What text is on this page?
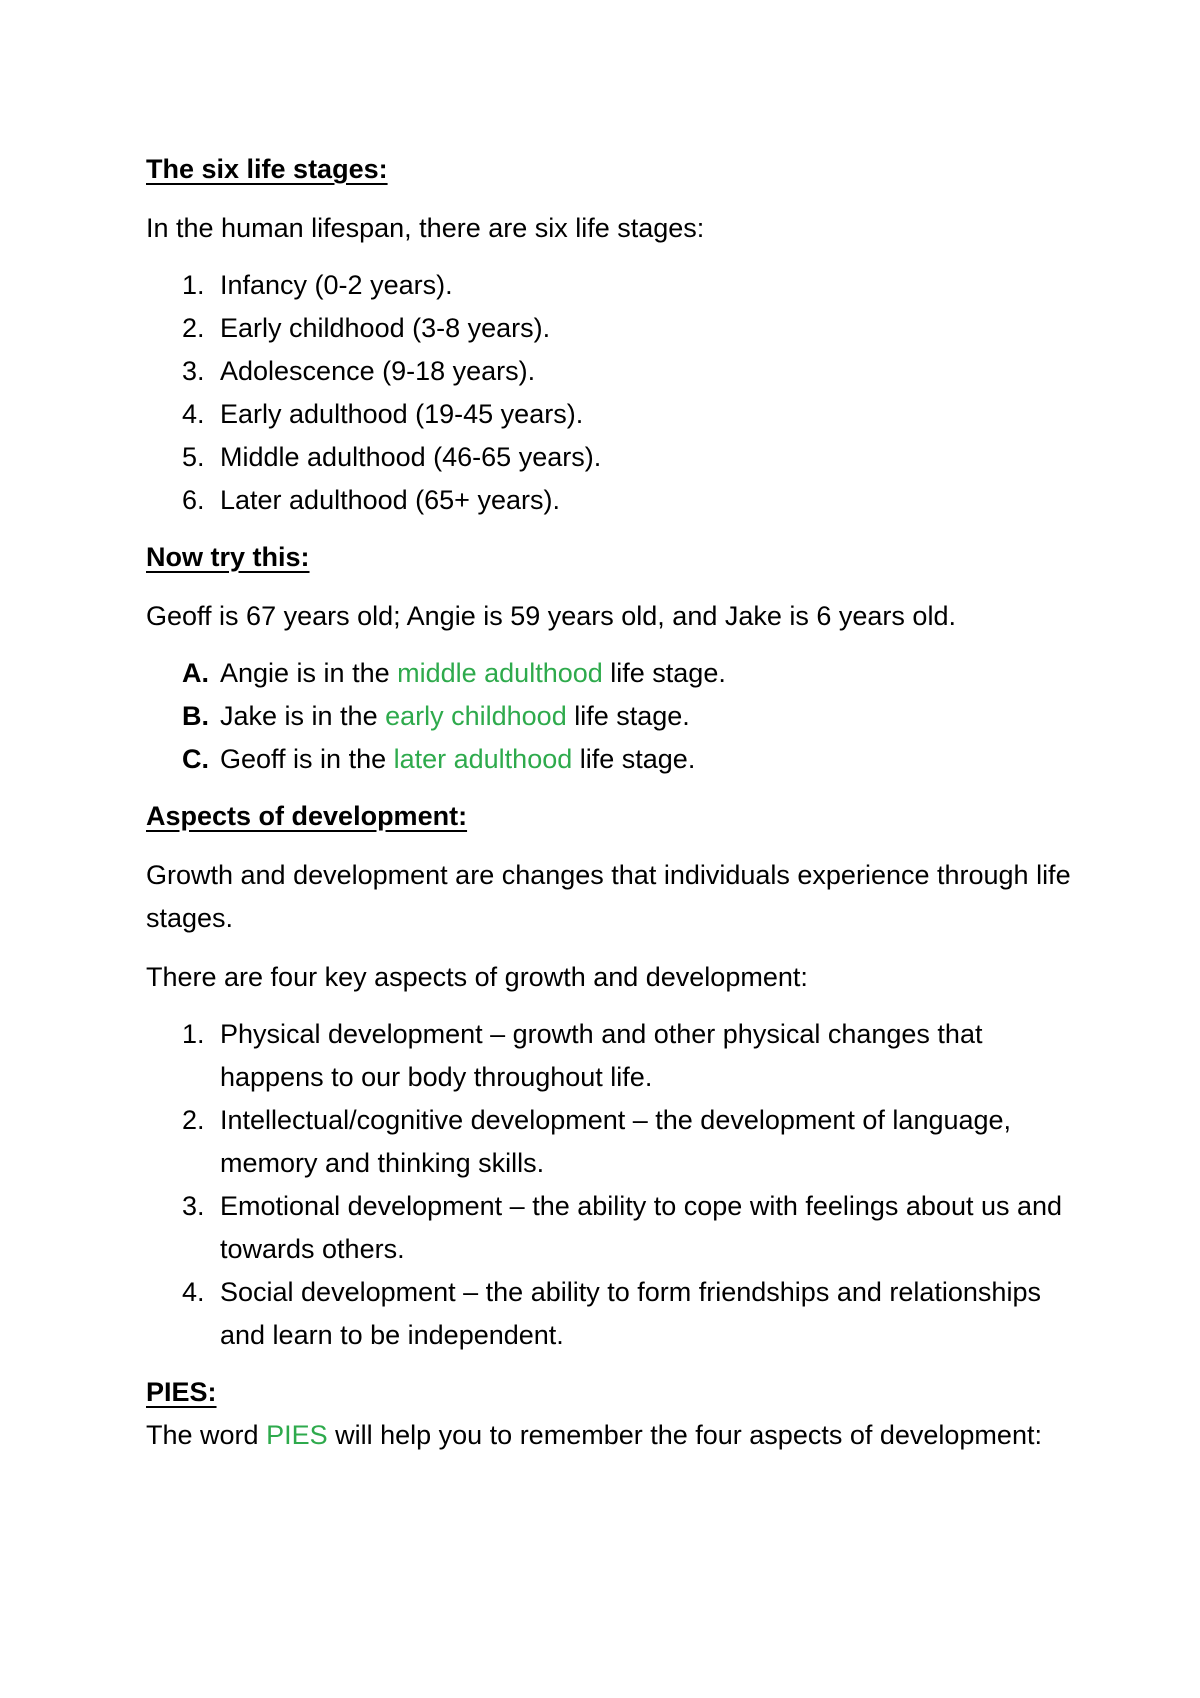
The six life stages:

In the human lifespan, there are six life stages:

1. Infancy (0-2 years).
2. Early childhood (3-8 years).
3. Adolescence (9-18 years).
4. Early adulthood (19-45 years).
5. Middle adulthood (46-65 years).
6. Later adulthood (65+ years).

Now try this:

Geoff is 67 years old; Angie is 59 years old, and Jake is 6 years old.

A. Angie is in the middle adulthood life stage.
B. Jake is in the early childhood life stage.
C. Geoff is in the later adulthood life stage.

Aspects of development:

Growth and development are changes that individuals experience through life stages.

There are four key aspects of growth and development:

1. Physical development – growth and other physical changes that happens to our body throughout life.
2. Intellectual/cognitive development – the development of language, memory and thinking skills.
3. Emotional development – the ability to cope with feelings about us and towards others.
4. Social development – the ability to form friendships and relationships and learn to be independent.

PIES:

The word PIES will help you to remember the four aspects of development:
